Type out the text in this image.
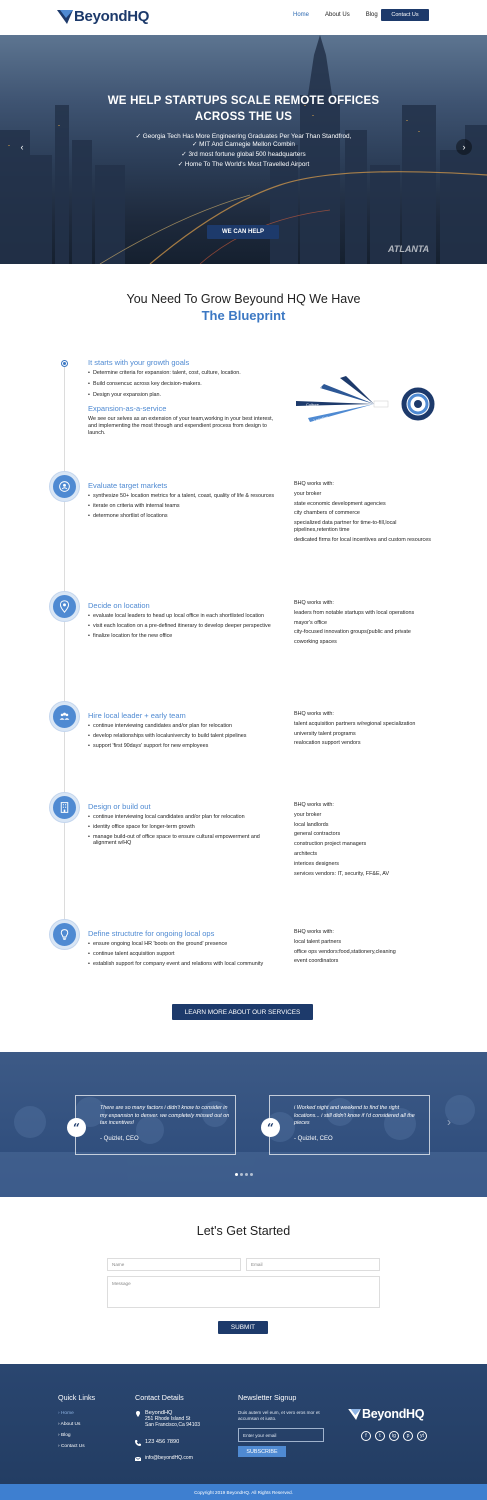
BeyondHQ	Home	About Us	Blog	Contact Us
WE HELP STARTUPS SCALE REMOTE OFFICES
ACROSS THE US
✓ Georgia Tech Has More Engineering Graduates Per Year Than Standfrod,
✓ MIT And Carnegie Mellon Combin
✓ 3rd most fortune global 500 headquarters
✓ Home To The World's Most Travelled Airport
WE CAN HELP
‹	›
ATLANTA
You Need To Grow Beyound HQ We Have
The Blueprint
It starts with your growth goals
• Determine criteria for expansion: talent, cost, culture, location.
• Build consencuc across key decision-makers.
• Design your expansion plan.
Expansion-as-a-service
We see our selves as an extension of your team,working in your best interest, and implementing the most through and expendient process from design to launch.
Talent
Cost
Culture
Location
Evaluate target markets
• synthesize 50+ location metrics for a talent, coast, quality of life & resources
• iterate on criteria with internal teams
• determone shortlist of locations
BHQ works with:
your broker
state economic development agencies
city chambers of commerce
specialized data partner for time-to-fill,local pipelines,retention time
dedicated firms for local incentives and custom resources
Decide on location
• evaluate local leaders to head up local office in each shortlisted location
• visit each location on a pre-defined itinerary to develop deeper perspective
• finalize location for the new office
BHQ works with:
leaders from notable startups with local operations
mayor's office
city-focused innovation groups(public and private
coworking spaces
Hire local leader + early team
• continue interviewing candidates and/or plan for relocation
• develop relationships with localunivercity to build talent pipelines
• support 'first 90days' support for new employees
BHQ works with:
talent acquisition partners w/regional specialization
university talent programs
realocation support vendors
Design or build out
• continue interviewing local candidates and/or plan for relocation
• identity office space for longer-term growth
• manage build-out of office space to ensure cultural empowerment and alignment w/HQ
BHQ works with:
your broker
local landlords
general contractors
construction project managers
architects
interices designers
services vendors: IT, security, FF&E, AV
Define structutre for ongoing local ops
• ensure ongoing local HR 'boots on the ground' presence
• continue talent acquisition support
• establish support for company event and relations with local community
BHQ works with:
local talent partners
office ops vendors:food,stationery,cleaning
event coordinators
LEARN MORE ABOUT OUR SERVICES
“
There are so many factors i didn't know to consider in my expansion to denver. we completely missed out on tax incentives!
- Quizlet, CEO
“
i Worked night and weekend to find the right locations... i still didn't know if i'd considered all the pieces
- Quizlet, CEO
›
Let's Get Started
Name
Email
Message
SUBMIT
Quick Links
› Home
› About Us
› Blog
› Contact Us
Contact Details
BeyondHQ
251 Rhode Island St
San Francisco,Ca 94103
123 456 7890
info@beyondHQ.com
Newsletter Signup
Duis autem vel eum, et vero eros mor et accumsan et iusto.
Enter your email
SUBSCRIBE
BeyondHQ
f	t	ig	p	yt
Copyright 2019 BeyondHQ. All Rights Reserved.
